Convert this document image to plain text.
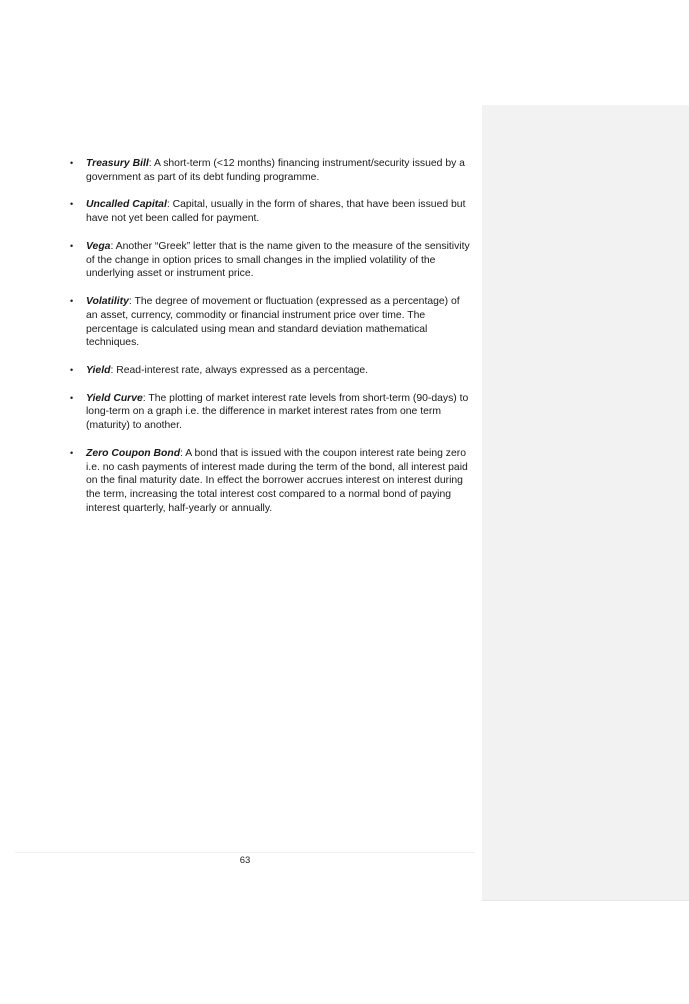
• Treasury Bill: A short-term (<12 months) financing instrument/security issued by a government as part of its debt funding programme.
• Uncalled Capital: Capital, usually in the form of shares, that have been issued but have not yet been called for payment.
• Vega: Another “Greek” letter that is the name given to the measure of the sensitivity of the change in option prices to small changes in the implied volatility of the underlying asset or instrument price.
• Volatility: The degree of movement or fluctuation (expressed as a percentage) of an asset, currency, commodity or financial instrument price over time. The percentage is calculated using mean and standard deviation mathematical techniques.
• Yield: Read-interest rate, always expressed as a percentage.
• Yield Curve: The plotting of market interest rate levels from short-term (90-days) to long-term on a graph i.e. the difference in market interest rates from one term (maturity) to another.
• Zero Coupon Bond: A bond that is issued with the coupon interest rate being zero i.e. no cash payments of interest made during the term of the bond, all interest paid on the final maturity date. In effect the borrower accrues interest on interest during the term, increasing the total interest cost compared to a normal bond of paying interest quarterly, half-yearly or annually.
63
